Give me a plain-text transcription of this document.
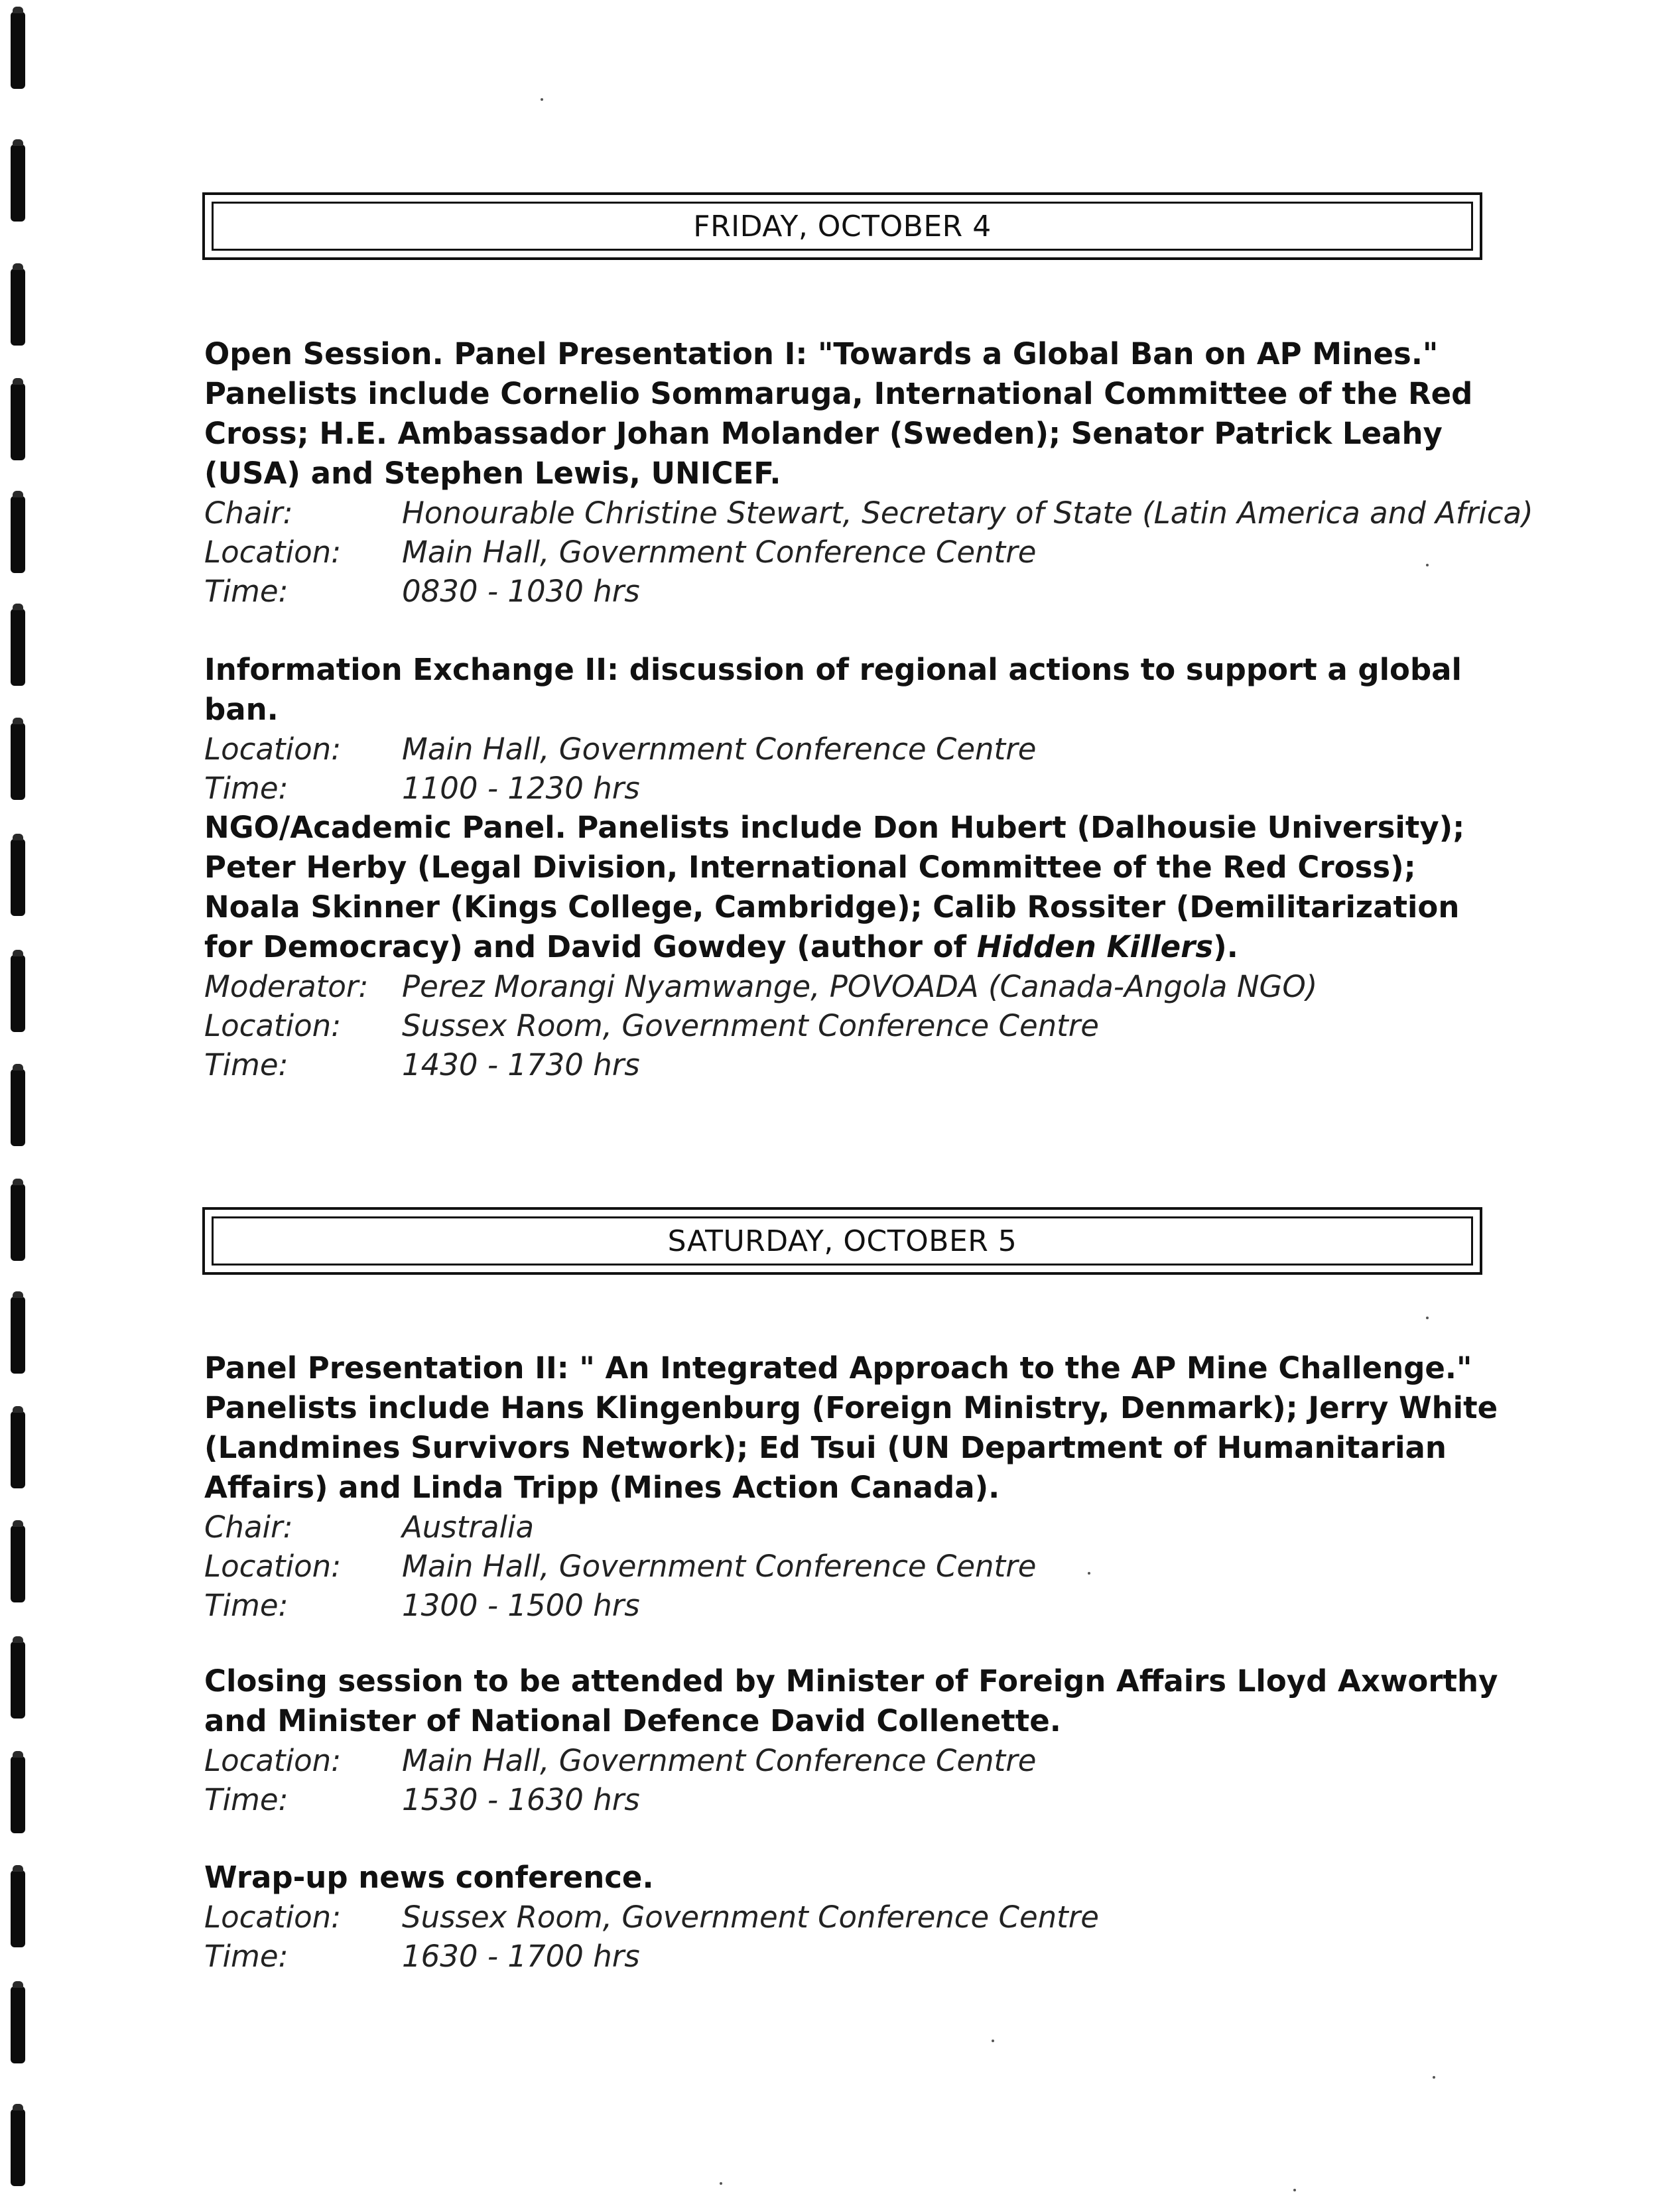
FRIDAY, OCTOBER 4

Open Session. Panel Presentation I: "Towards a Global Ban on AP Mines." Panelists include Cornelio Sommaruga, International Committee of the Red Cross; H.E. Ambassador Johan Molander (Sweden); Senator Patrick Leahy (USA) and Stephen Lewis, UNICEF.

Chair:	Honourable Christine Stewart, Secretary of State (Latin America and Africa)
Location:	Main Hall, Government Conference Centre
Time:	0830 - 1030 hrs

Information Exchange II: discussion of regional actions to support a global ban.

Location:	Main Hall, Government Conference Centre
Time:	1100 - 1230 hrs

NGO/Academic Panel. Panelists include Don Hubert (Dalhousie University); Peter Herby (Legal Division, International Committee of the Red Cross); Noala Skinner (Kings College, Cambridge); Calib Rossiter (Demilitarization for Democracy) and David Gowdey (author of Hidden Killers).

Moderator:	Perez Morangi Nyamwange, POVOADA (Canada-Angola NGO)
Location:	Sussex Room, Government Conference Centre
Time:	1430 - 1730 hrs
SATURDAY, OCTOBER 5

Panel Presentation II: " An Integrated Approach to the AP Mine Challenge." Panelists include Hans Klingenburg (Foreign Ministry, Denmark); Jerry White (Landmines Survivors Network); Ed Tsui (UN Department of Humanitarian Affairs) and Linda Tripp (Mines Action Canada).

Chair:	Australia
Location:	Main Hall, Government Conference Centre
Time:	1300 - 1500 hrs

Closing session to be attended by Minister of Foreign Affairs Lloyd Axworthy and Minister of National Defence David Collenette.

Location:	Main Hall, Government Conference Centre
Time:	1530 - 1630 hrs

Wrap-up news conference.

Location:	Sussex Room, Government Conference Centre
Time:	1630 - 1700 hrs
